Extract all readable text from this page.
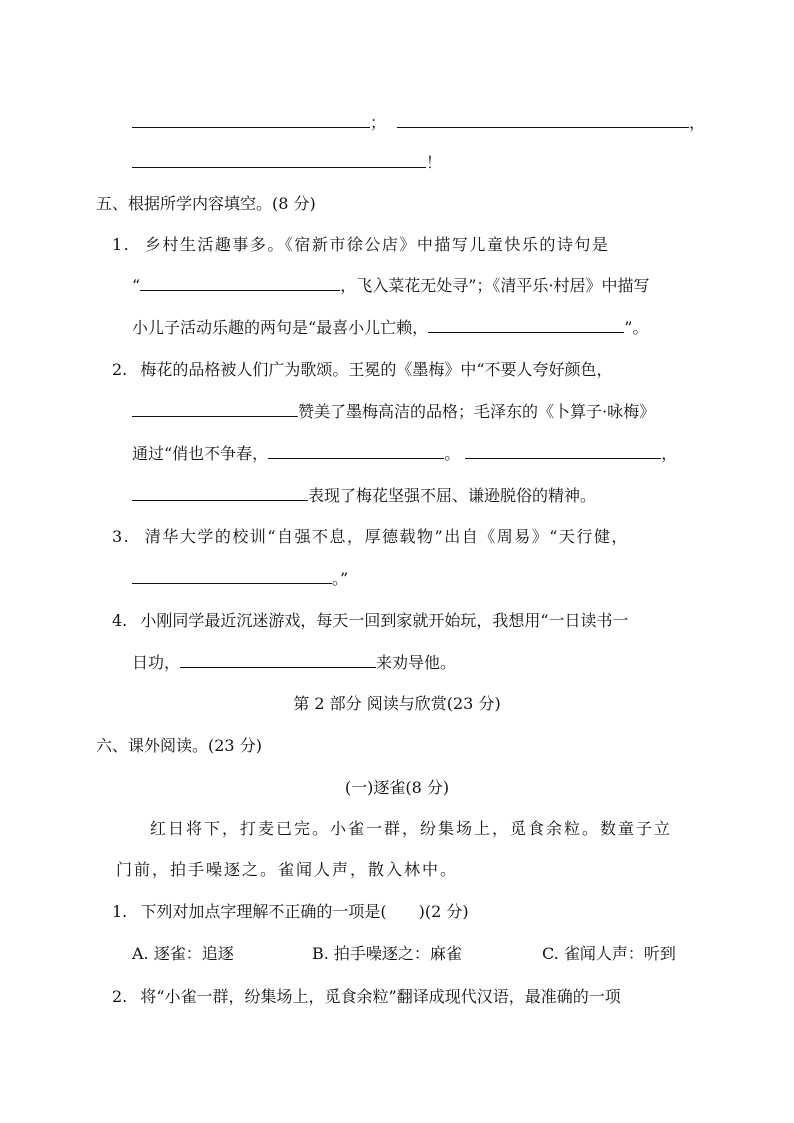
；	，
！
五、根据所学内容填空。(8 分)
1. 乡村生活趣事多。《宿新市徐公店》中描写儿童快乐的诗句是
“	，飞入菜花无处寻”；《清平乐·村居》中描写
小儿子活动乐趣的两句是“最喜小儿亡赖，	”。
2. 梅花的品格被人们广为歌颂。王冕的《墨梅》中“不要人夸好颜色，
赞美了墨梅高洁的品格；毛泽东的《卜算子·咏梅》
通过“俏也不争春，	。	，
表现了梅花坚强不屈、谦逊脱俗的精神。
3. 清华大学的校训“自强不息，厚德载物”出自《周易》“天行健，
。”
4. 小刚同学最近沉迷游戏，每天一回到家就开始玩，我想用“一日读书一
日功，	来劝导他。
第 2 部分 阅读与欣赏(23 分)
六、课外阅读。(23 分)
(一)逐雀(8 分)
红日将下，打麦已完。小雀一群，纷集场上，觅食余粒。数童子立
门前，拍手噪逐之。雀闻人声，散入林中。
1. 下列对加点字理解不正确的一项是(　　)(2 分)
A. 逐雀：追逐	B. 拍手噪逐之：麻雀	C. 雀闻人声：听到
2. 将“小雀一群，纷集场上，觅食余粒”翻译成现代汉语，最准确的一项
